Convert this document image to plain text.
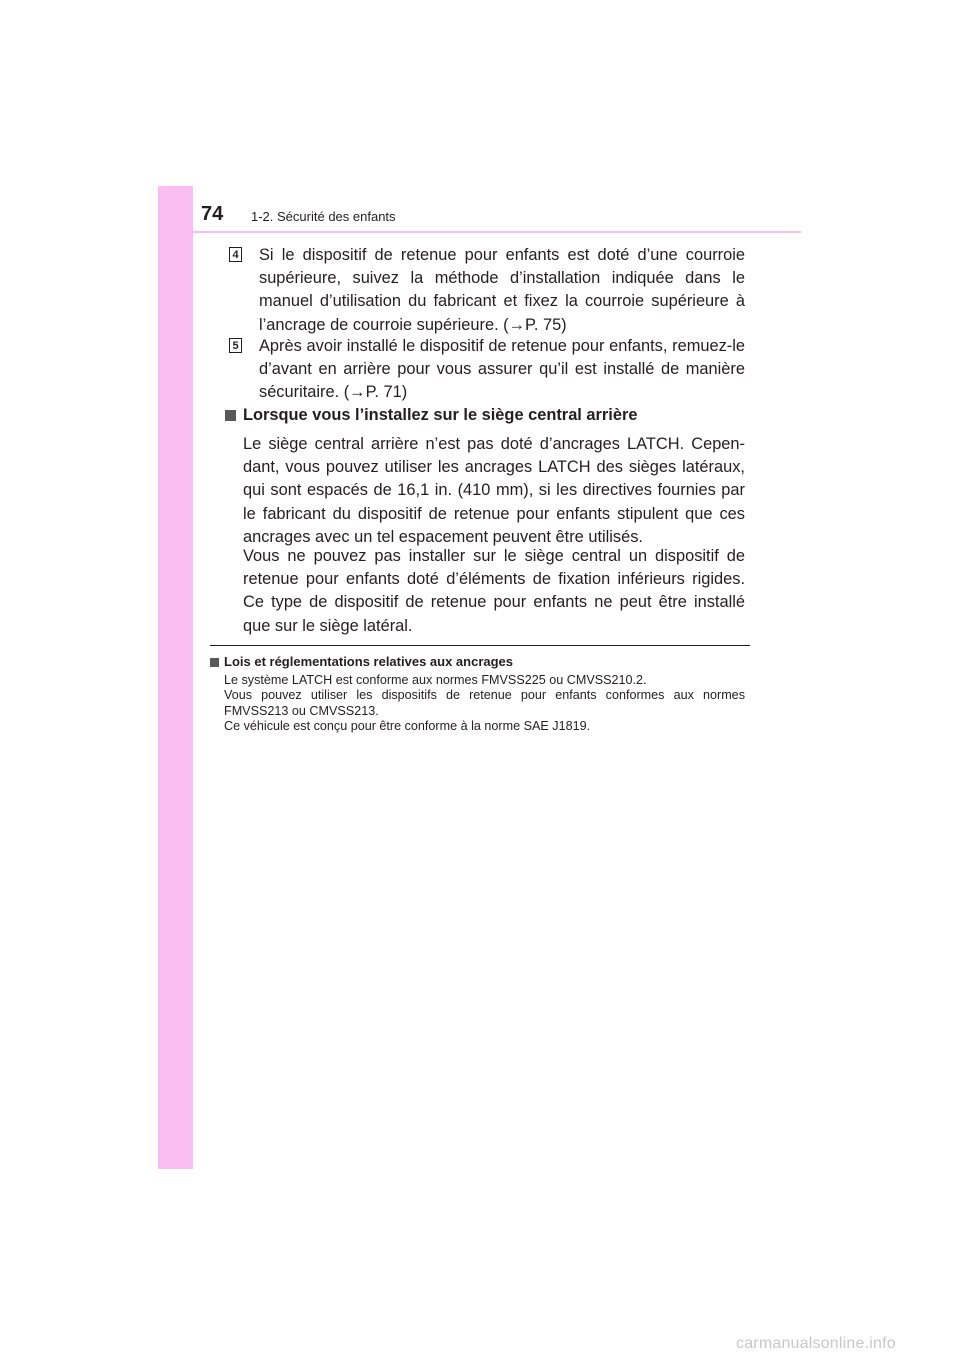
74 1-2. Sécurité des enfants
4 Si le dispositif de retenue pour enfants est doté d’une courroie supérieure, suivez la méthode d’installation indiquée dans le manuel d’utilisation du fabricant et fixez la courroie supérieure à l’ancrage de courroie supérieure. (→P. 75)

5 Après avoir installé le dispositif de retenue pour enfants, remuez-le d’avant en arrière pour vous assurer qu’il est installé de manière sécuritaire. (→P. 71)

Lorsque vous l’installez sur le siège central arrière

Le siège central arrière n’est pas doté d’ancrages LATCH. Cepen-dant, vous pouvez utiliser les ancrages LATCH des sièges latéraux, qui sont espacés de 16,1 in. (410 mm), si les directives fournies par le fabricant du dispositif de retenue pour enfants stipulent que ces ancrages avec un tel espacement peuvent être utilisés.

Vous ne pouvez pas installer sur le siège central un dispositif de retenue pour enfants doté d’éléments de fixation inférieurs rigides. Ce type de dispositif de retenue pour enfants ne peut être installé que sur le siège latéral.

Lois et réglementations relatives aux ancrages

Le système LATCH est conforme aux normes FMVSS225 ou CMVSS210.2.
Vous pouvez utiliser les dispositifs de retenue pour enfants conformes aux normes FMVSS213 ou CMVSS213.
Ce véhicule est conçu pour être conforme à la norme SAE J1819.

carmanualsonline.info
